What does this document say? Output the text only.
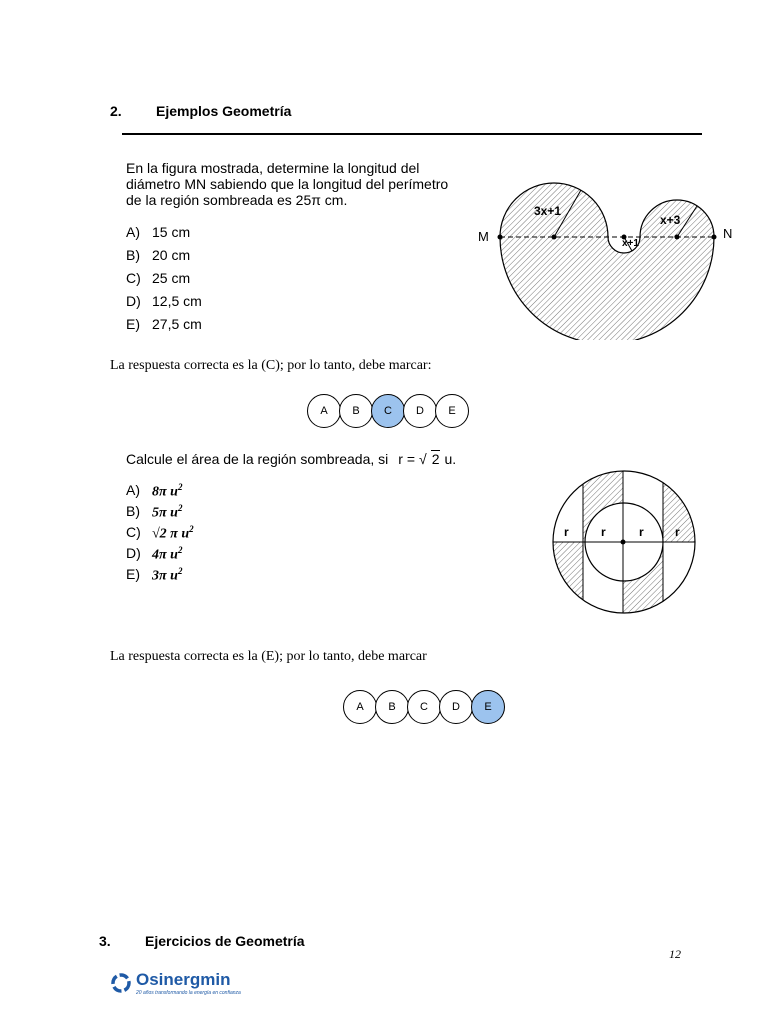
2. Ejemplos Geometría
En la figura mostrada, determine la longitud del
diámetro MN sabiendo que la longitud del perímetro
de la región sombreada es 25π cm.
A) 15 cm
B) 20 cm
C) 25 cm
D) 12,5 cm
E) 27,5 cm
M	N
3x+1
x+3
x+1
La respuesta correcta es la (C); por lo tanto, debe marcar:
A	B	C	D	E
Calcule el área de la región sombreada, si r = √ 2 u.
A) 8π $u^2$
B) 5π $u^2$
C) √2 π $u^2$
D) 4π $u^2$
E) 3π $u^2$
r	r	r	r
La respuesta correcta es la (E); por lo tanto, debe marcar
A	B	C	D	E
3. Ejercicios de Geometría
12
Osinergmin
20 años transformando la energía en confianza
